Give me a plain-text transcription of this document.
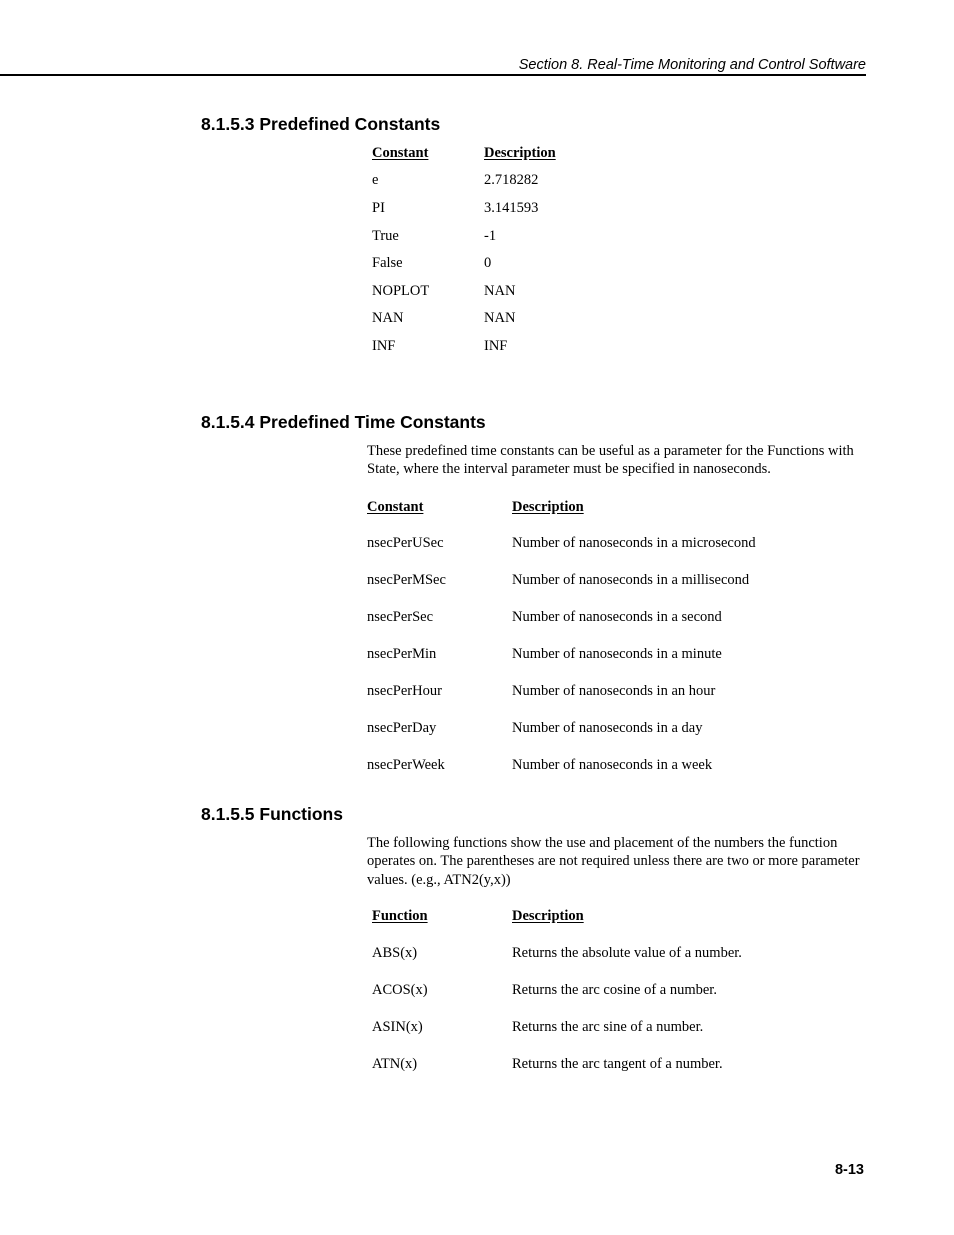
Section 8. Real-Time Monitoring and Control Software
8.1.5.3 Predefined Constants
Constant	Description
e	2.718282
PI	3.141593
True	-1
False	0
NOPLOT	NAN
NAN	NAN
INF	INF
8.1.5.4 Predefined Time Constants

These predefined time constants can be useful as a parameter for the Functions with State, where the interval parameter must be specified in nanoseconds.

Constant	Description
nsecPerUSec	Number of nanoseconds in a microsecond
nsecPerMSec	Number of nanoseconds in a millisecond
nsecPerSec	Number of nanoseconds in a second
nsecPerMin	Number of nanoseconds in a minute
nsecPerHour	Number of nanoseconds in an hour
nsecPerDay	Number of nanoseconds in a day
nsecPerWeek	Number of nanoseconds in a week
8.1.5.5 Functions

The following functions show the use and placement of the numbers the function operates on. The parentheses are not required unless there are two or more parameter values. (e.g., ATN2(y,x))

Function	Description
ABS(x)	Returns the absolute value of a number.
ACOS(x)	Returns the arc cosine of a number.
ASIN(x)	Returns the arc sine of a number.
ATN(x)	Returns the arc tangent of a number.
8-13
